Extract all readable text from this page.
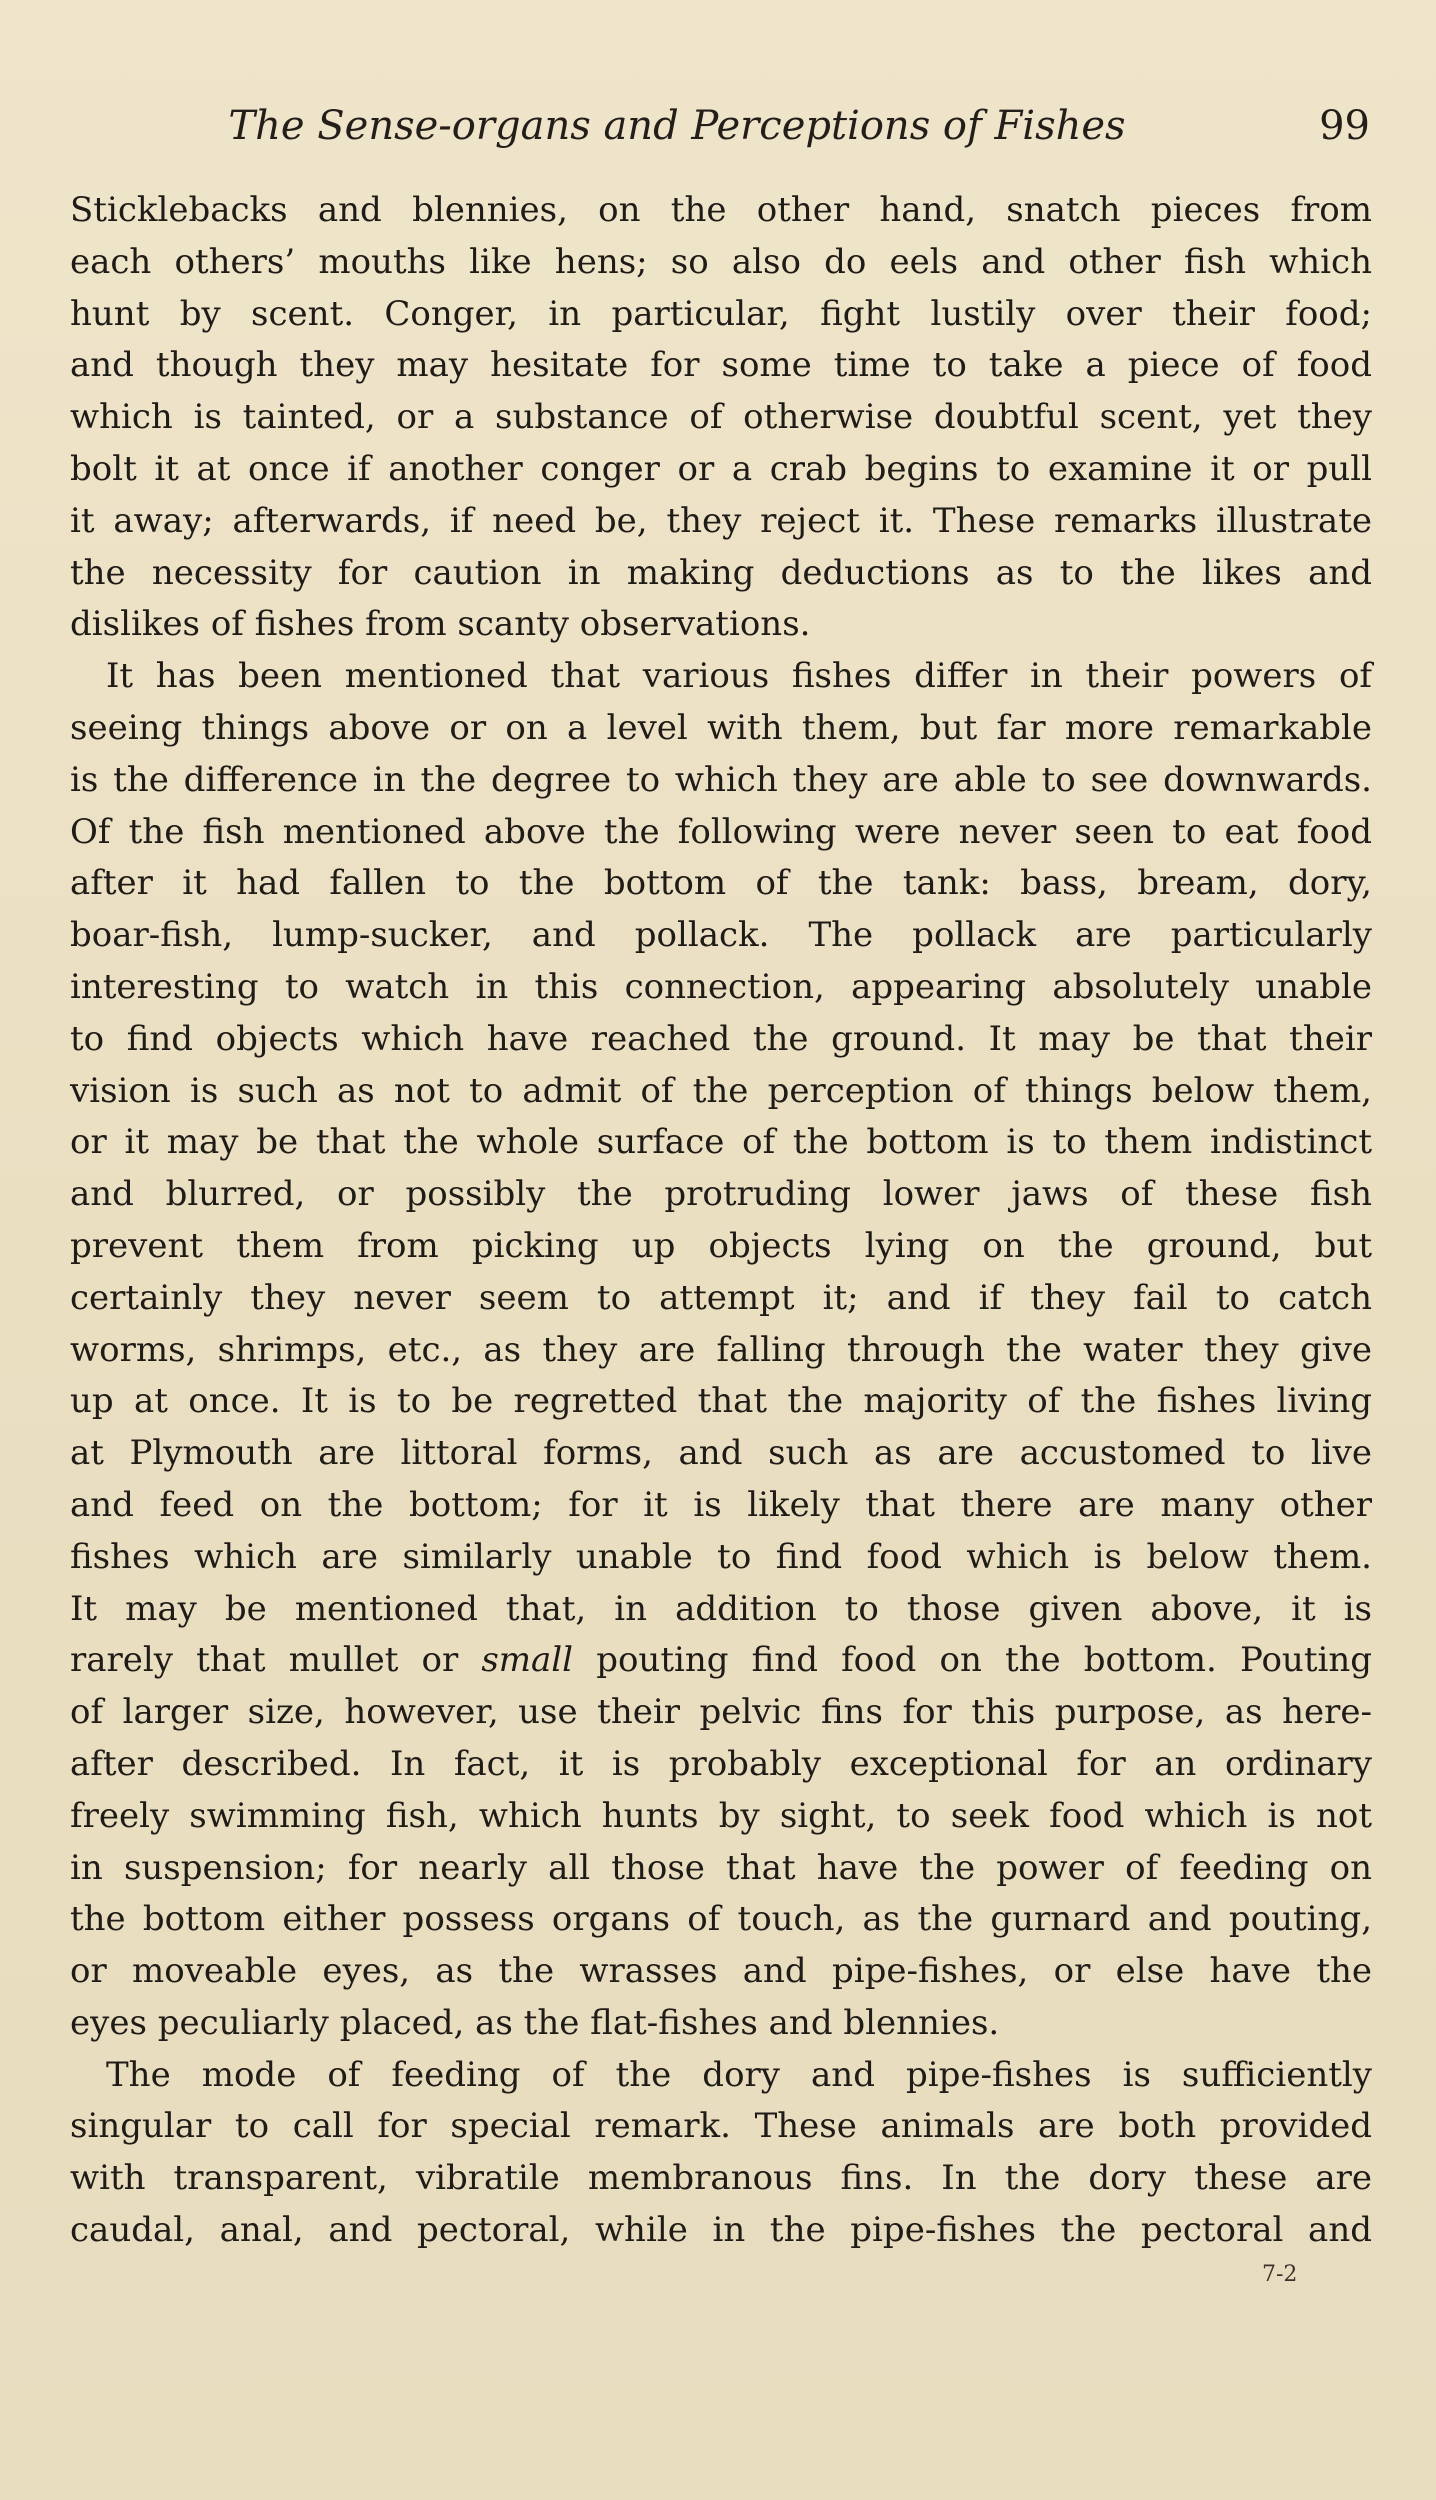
The Sense-organs and Perceptions of Fishes	99
Sticklebacks and blennies, on the other hand, snatch pieces from
each others’ mouths like hens; so also do eels and other fish which
hunt by scent. Conger, in particular, fight lustily over their food;
and though they may hesitate for some time to take a piece of food
which is tainted, or a substance of otherwise doubtful scent, yet they
bolt it at once if another conger or a crab begins to examine it or pull
it away; afterwards, if need be, they reject it. These remarks illustrate
the necessity for caution in making deductions as to the likes and
dislikes of fishes from scanty observations.
It has been mentioned that various fishes differ in their powers of
seeing things above or on a level with them, but far more remarkable
is the difference in the degree to which they are able to see downwards.
Of the fish mentioned above the following were never seen to eat food
after it had fallen to the bottom of the tank: bass, bream, dory,
boar-fish, lump-sucker, and pollack. The pollack are particularly
interesting to watch in this connection, appearing absolutely unable
to find objects which have reached the ground. It may be that their
vision is such as not to admit of the perception of things below them,
or it may be that the whole surface of the bottom is to them indistinct
and blurred, or possibly the protruding lower jaws of these fish
prevent them from picking up objects lying on the ground, but
certainly they never seem to attempt it; and if they fail to catch
worms, shrimps, etc., as they are falling through the water they give
up at once. It is to be regretted that the majority of the fishes living
at Plymouth are littoral forms, and such as are accustomed to live
and feed on the bottom; for it is likely that there are many other
fishes which are similarly unable to find food which is below them.
It may be mentioned that, in addition to those given above, it is
rarely that mullet or small pouting find food on the bottom. Pouting
of larger size, however, use their pelvic fins for this purpose, as here-
after described. In fact, it is probably exceptional for an ordinary
freely swimming fish, which hunts by sight, to seek food which is not
in suspension; for nearly all those that have the power of feeding on
the bottom either possess organs of touch, as the gurnard and pouting,
or moveable eyes, as the wrasses and pipe-fishes, or else have the
eyes peculiarly placed, as the flat-fishes and blennies.
The mode of feeding of the dory and pipe-fishes is sufficiently
singular to call for special remark. These animals are both provided
with transparent, vibratile membranous fins. In the dory these are
caudal, anal, and pectoral, while in the pipe-fishes the pectoral and
7-2
